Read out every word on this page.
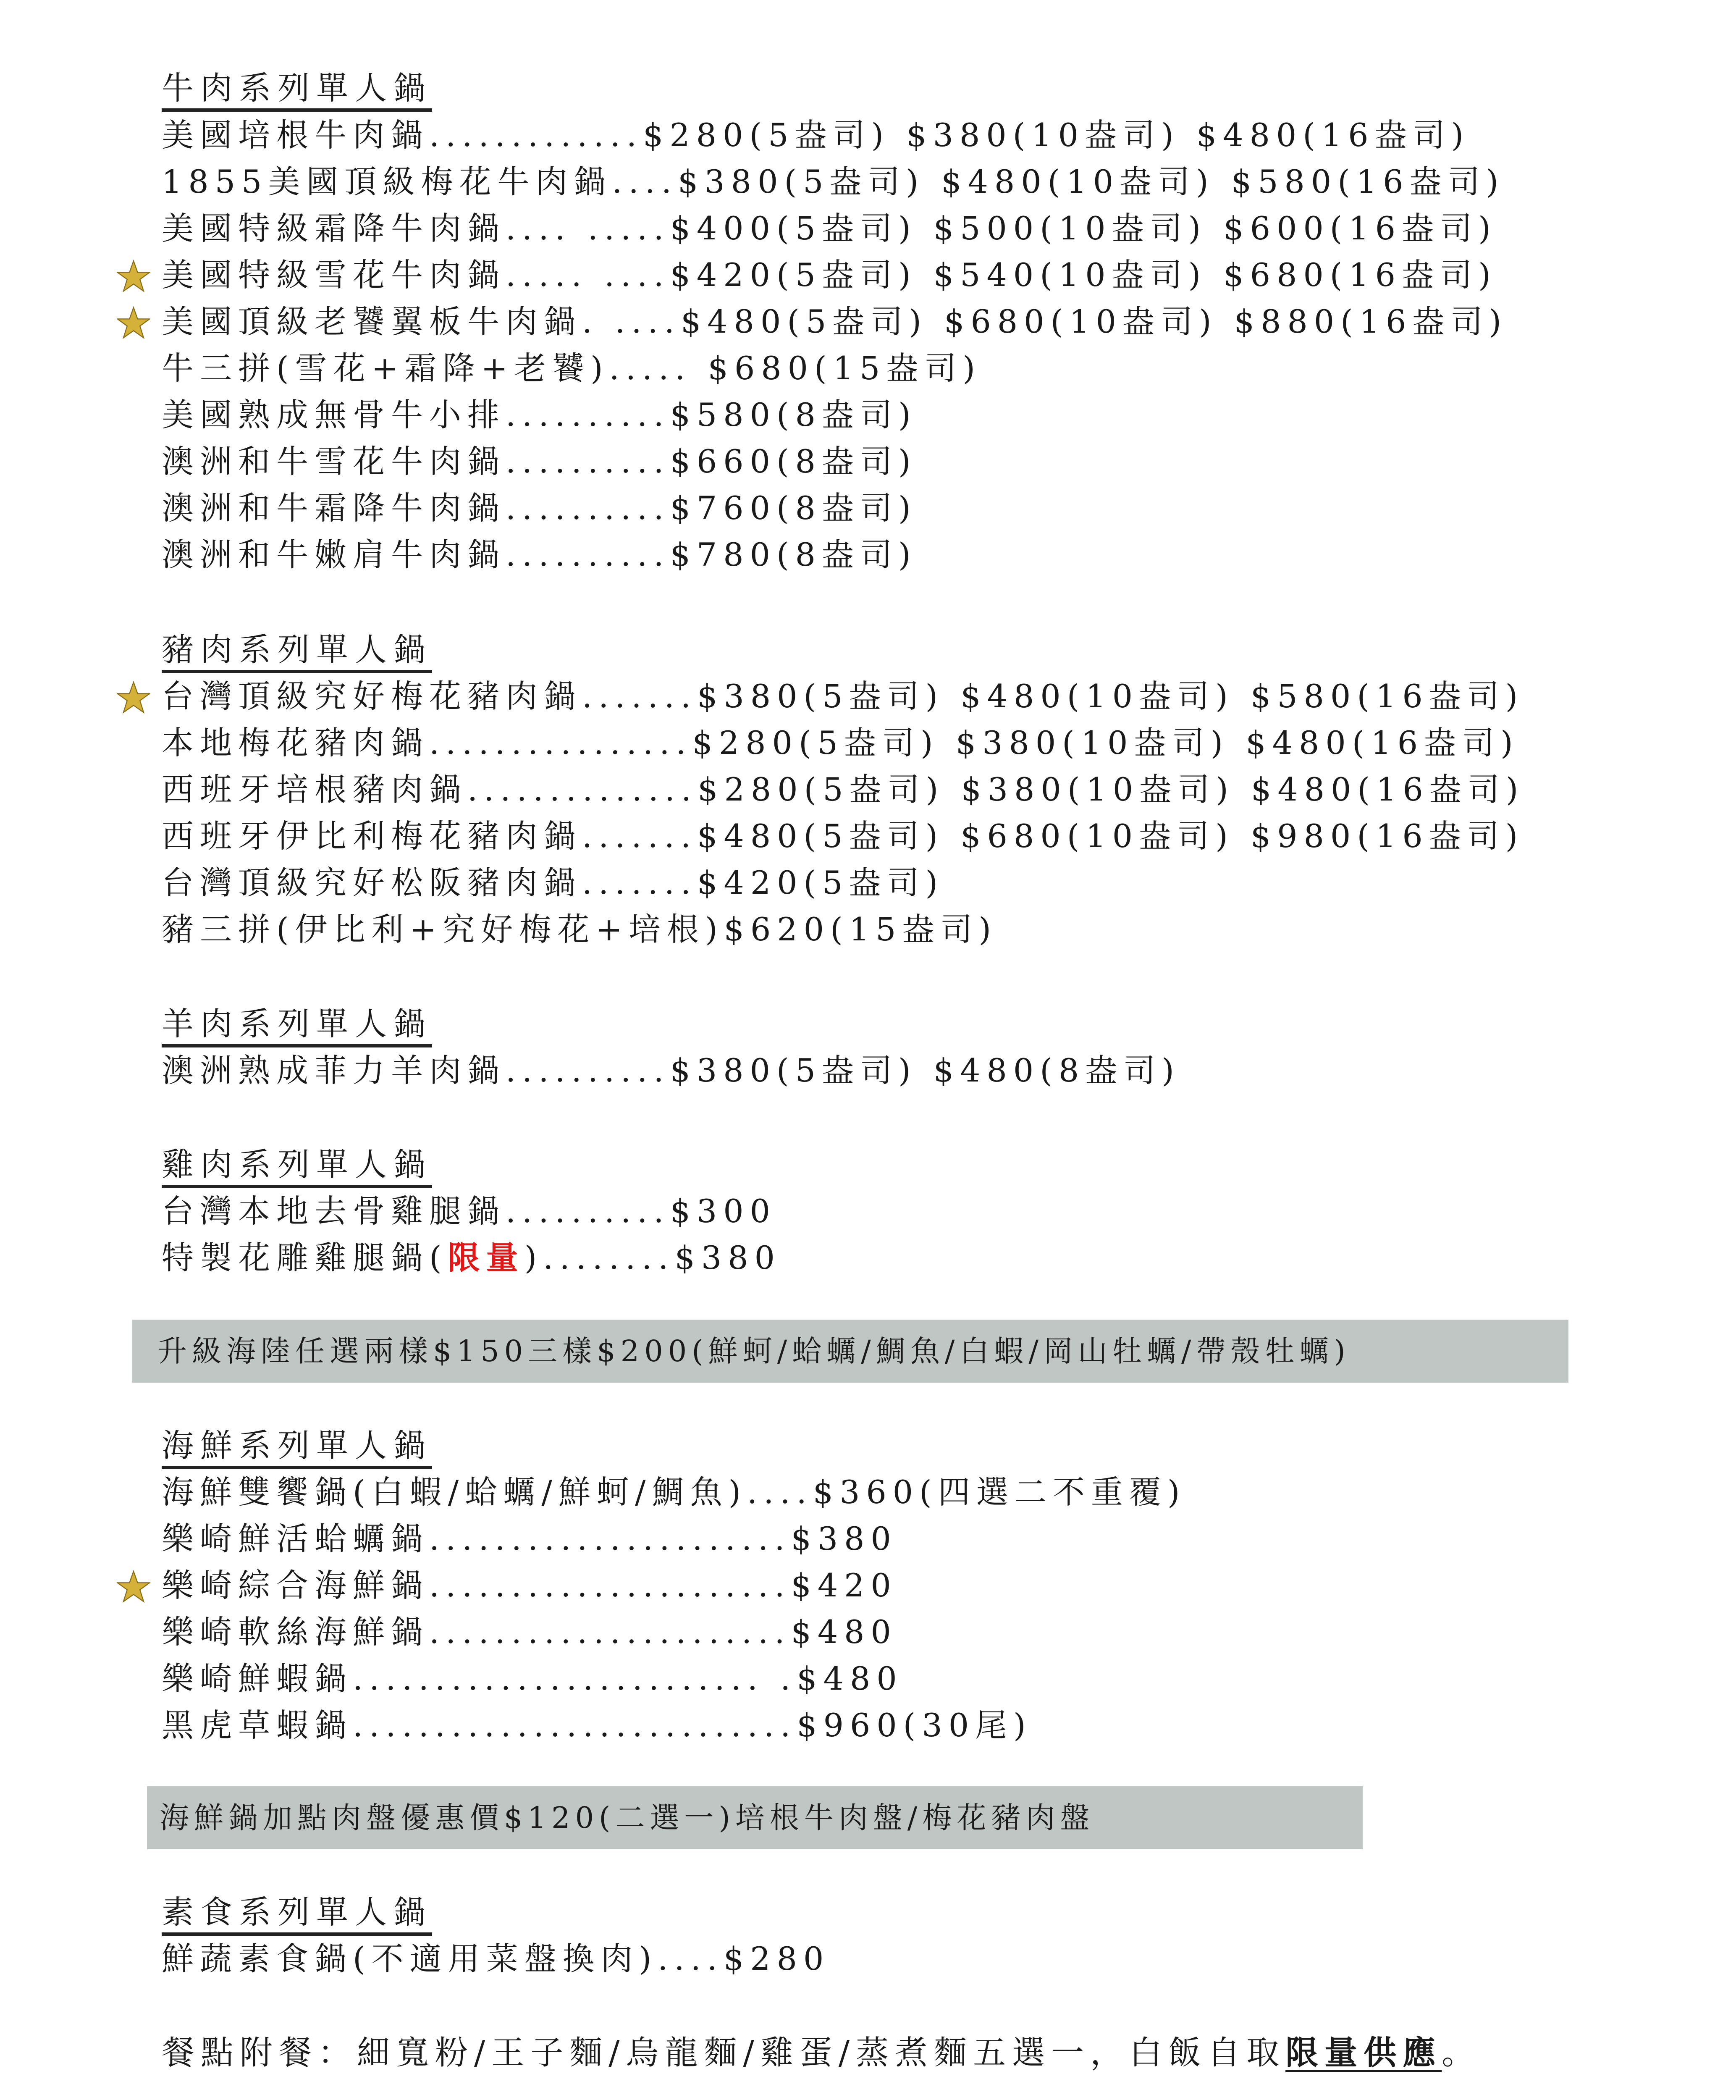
牛肉系列單人鍋
美國培根牛肉鍋.............$280(5盎司) $380(10盎司) $480(16盎司)
1855美國頂級梅花牛肉鍋....$380(5盎司) $480(10盎司) $580(16盎司)
美國特級霜降牛肉鍋.... .....$400(5盎司) $500(10盎司) $600(16盎司)
美國特級雪花牛肉鍋..... ....$420(5盎司) $540(10盎司) $680(16盎司)
美國頂級老饕翼板牛肉鍋. ....$480(5盎司) $680(10盎司) $880(16盎司)
牛三拼(雪花+霜降+老饕)..... $680(15盎司)
美國熟成無骨牛小排..........$580(8盎司)
澳洲和牛雪花牛肉鍋..........$660(8盎司)
澳洲和牛霜降牛肉鍋..........$760(8盎司)
澳洲和牛嫩肩牛肉鍋..........$780(8盎司)
豬肉系列單人鍋
台灣頂級究好梅花豬肉鍋.......$380(5盎司) $480(10盎司) $580(16盎司)
本地梅花豬肉鍋................$280(5盎司) $380(10盎司) $480(16盎司)
西班牙培根豬肉鍋..............$280(5盎司) $380(10盎司) $480(16盎司)
西班牙伊比利梅花豬肉鍋.......$480(5盎司) $680(10盎司) $980(16盎司)
台灣頂級究好松阪豬肉鍋.......$420(5盎司)
豬三拼(伊比利+究好梅花+培根)$620(15盎司)
羊肉系列單人鍋
澳洲熟成菲力羊肉鍋..........$380(5盎司) $480(8盎司)
雞肉系列單人鍋
台灣本地去骨雞腿鍋..........$300
特製花雕雞腿鍋(限量)........$380
升級海陸任選兩樣$150三樣$200(鮮蚵/蛤蠣/鯛魚/白蝦/岡山牡蠣/帶殼牡蠣)
海鮮系列單人鍋
海鮮雙饗鍋(白蝦/蛤蠣/鮮蚵/鯛魚)....$360(四選二不重覆)
樂崎鮮活蛤蠣鍋......................$380
樂崎綜合海鮮鍋......................$420
樂崎軟絲海鮮鍋......................$480
樂崎鮮蝦鍋......................... .$480
黑虎草蝦鍋...........................$960(30尾)
海鮮鍋加點肉盤優惠價$120(二選一)培根牛肉盤/梅花豬肉盤
素食系列單人鍋
鮮蔬素食鍋(不適用菜盤換肉)....$280
餐點附餐：細寬粉/王子麵/烏龍麵/雞蛋/蒸煮麵五選一，白飯自取限量供應。
